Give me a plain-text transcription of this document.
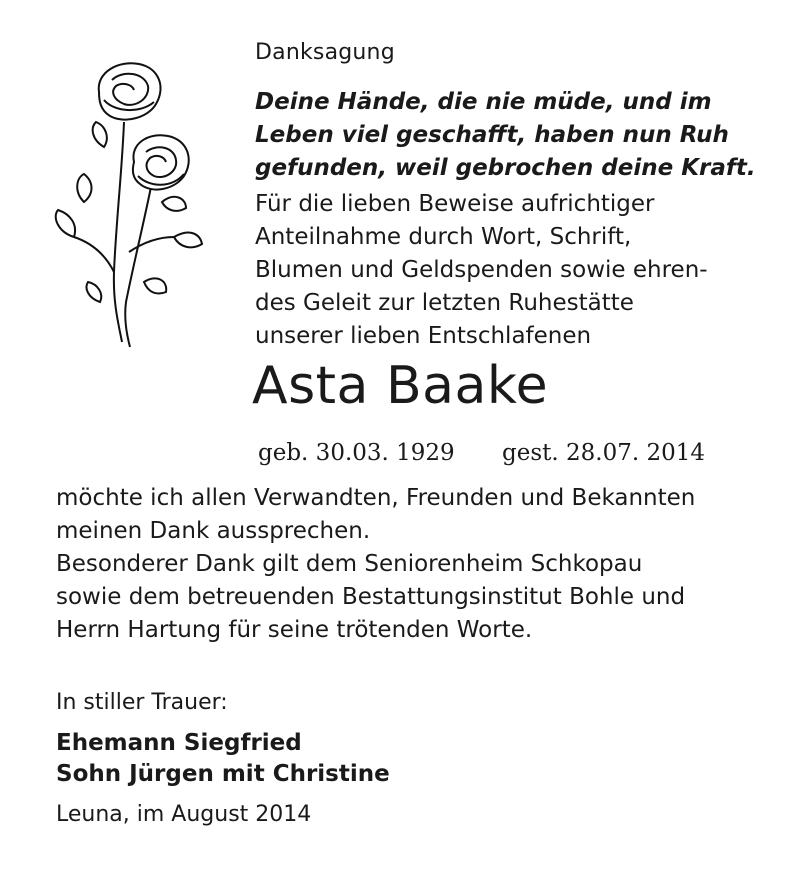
Danksagung
Deine Hände, die nie müde, und im
Leben viel geschafft, haben nun Ruh
gefunden, weil gebrochen deine Kraft.
Für die lieben Beweise aufrichtiger
Anteilnahme durch Wort, Schrift,
Blumen und Geldspenden sowie ehren-
des Geleit zur letzten Ruhestätte
unserer lieben Entschlafenen
Asta Baake
geb. 30.03. 1929 gest. 28.07. 2014
möchte ich allen Verwandten, Freunden und Bekannten
meinen Dank aussprechen.
Besonderer Dank gilt dem Seniorenheim Schkopau
sowie dem betreuenden Bestattungsinstitut Bohle und
Herrn Hartung für seine trötenden Worte.
In stiller Trauer:
Ehemann Siegfried
Sohn Jürgen mit Christine
Leuna, im August 2014
